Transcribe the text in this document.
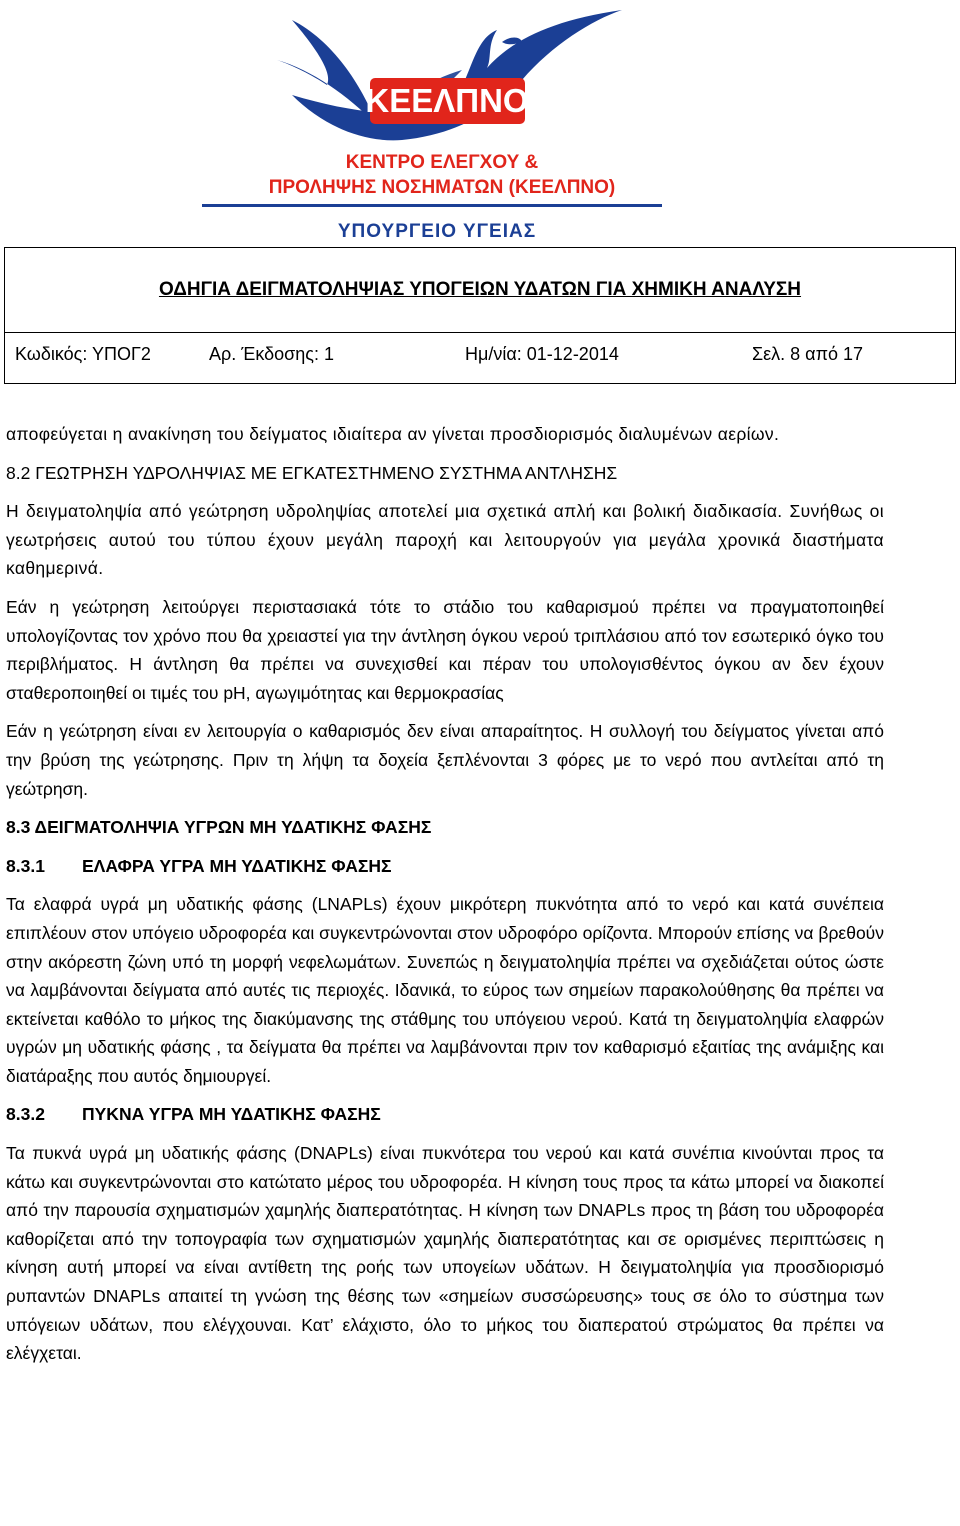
ΚΕΕΛΠΝΟ
ΚΕΝΤΡΟ ΕΛΕΓΧΟΥ &
ΠΡΟΛΗΨΗΣ ΝΟΣΗΜΑΤΩΝ (ΚΕΕΛΠΝΟ)
ΥΠΟΥΡΓΕΙΟ ΥΓΕΙΑΣ
ΟΔΗΓΙΑ ΔΕΙΓΜΑΤΟΛΗΨΙΑΣ ΥΠΟΓΕΙΩΝ ΥΔΑΤΩΝ ΓΙΑ ΧΗΜΙΚΗ ΑΝΑΛΥΣΗ
Κωδικός: ΥΠΟΓ2	Αρ. Έκδοσης: 1	Ημ/νία: 01-12-2014	Σελ. 8 από 17

αποφεύγεται η ανακίνηση του δείγματος ιδιαίτερα αν γίνεται προσδιορισμός διαλυμένων αερίων.

8.2 ΓΕΩΤΡΗΣΗ ΥΔΡΟΛΗΨΙΑΣ ΜΕ ΕΓΚΑΤΕΣΤΗΜΕΝΟ ΣΥΣΤΗΜΑ ΑΝΤΛΗΣΗΣ

Η δειγματοληψία από γεώτρηση υδροληψίας αποτελεί μια σχετικά απλή και βολική διαδικασία. Συνήθως οι γεωτρήσεις αυτού του τύπου έχουν μεγάλη παροχή και λειτουργούν για μεγάλα χρονικά διαστήματα καθημερινά.

Εάν η γεώτρηση λειτούργει περιστασιακά τότε το στάδιο του καθαρισμού πρέπει να πραγματοποιηθεί υπολογίζοντας τον χρόνο που θα χρειαστεί για την άντληση όγκου νερού τριπλάσιου από τον εσωτερικό όγκο του περιβλήματος. Η άντληση θα πρέπει να συνεχισθεί και πέραν του υπολογισθέντος όγκου αν δεν έχουν σταθεροποιηθεί οι τιμές του pH, αγωγιμότητας και θερμοκρασίας

Εάν η γεώτρηση είναι εν λειτουργία ο καθαρισμός δεν είναι απαραίτητος. Η συλλογή του δείγματος γίνεται από την βρύση της γεώτρησης. Πριν τη λήψη τα δοχεία ξεπλένονται 3 φόρες με το νερό που αντλείται από τη γεώτρηση.

8.3 ΔΕΙΓΜΑΤΟΛΗΨΙΑ ΥΓΡΩΝ ΜΗ ΥΔΑΤΙΚΗΣ ΦΑΣΗΣ

8.3.1 ΕΛΑΦΡΑ ΥΓΡΑ ΜΗ ΥΔΑΤΙΚΗΣ ΦΑΣΗΣ

Τα ελαφρά υγρά μη υδατικής φάσης (LNAPLs) έχουν μικρότερη πυκνότητα από το νερό και κατά συνέπεια επιπλέουν στον υπόγειο υδροφορέα και συγκεντρώνονται στον υδροφόρο ορίζοντα. Μπορούν επίσης να βρεθούν στην ακόρεστη ζώνη υπό τη μορφή νεφελωμάτων. Συνεπώς η δειγματοληψία πρέπει να σχεδιάζεται ούτος ώστε να λαμβάνονται δείγματα από αυτές τις περιοχές. Ιδανικά, το εύρος των σημείων παρακολούθησης θα πρέπει να εκτείνεται καθόλο το μήκος της διακύμανσης της στάθμης του υπόγειου νερού. Κατά τη δειγματοληψία ελαφρών υγρών μη υδατικής φάσης , τα δείγματα θα πρέπει να λαμβάνονται πριν τον καθαρισμό εξαιτίας της ανάμιξης και διατάραξης που αυτός δημιουργεί.

8.3.2 ΠΥΚΝΑ ΥΓΡΑ ΜΗ ΥΔΑΤΙΚΗΣ ΦΑΣΗΣ

Τα πυκνά υγρά μη υδατικής φάσης (DNAPLs) είναι πυκνότερα του νερού και κατά συνέπια κινούνται προς τα κάτω και συγκεντρώνονται στο κατώτατο μέρος του υδροφορέα. Η κίνηση τους προς τα κάτω μπορεί να διακοπεί από την παρουσία σχηματισμών χαμηλής διαπερατότητας. Η κίνηση των DNAPLs προς τη βάση του υδροφορέα καθορίζεται από την τοπογραφία των σχηματισμών χαμηλής διαπερατότητας και σε ορισμένες περιπτώσεις η κίνηση αυτή μπορεί να είναι αντίθετη της ροής των υπογείων υδάτων. Η δειγματοληψία για προσδιορισμό ρυπαντών DNAPLs απαιτεί τη γνώση της θέσης των «σημείων συσσώρευσης» τους σε όλο το σύστημα των υπόγειων υδάτων, που ελέγχουναι. Κατ’ ελάχιστο, όλο το μήκος του διαπερατού στρώματος θα πρέπει να ελέγχεται.
